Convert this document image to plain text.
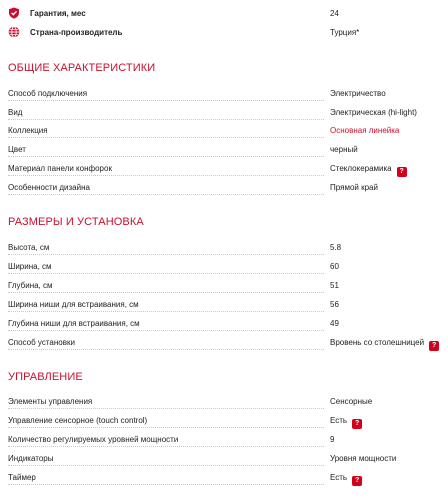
Гарантия, мес	24
Страна-производитель	Турция*
ОБЩИЕ ХАРАКТЕРИСТИКИ
Способ подключения	Электричество
Вид	Электрическая (hi-light)
Коллекция	Основная линейка
Цвет	черный
Материал панели конфорок	Стеклокерамика ?
Особенности дизайна	Прямой край
РАЗМЕРЫ И УСТАНОВКА
Высота, см	5.8
Ширина, см	60
Глубина, см	51
Ширина ниши для встраивания, см	56
Глубина ниши для встраивания, см	49
Способ установки	Вровень со столешницей ?
УПРАВЛЕНИЕ
Элементы управления	Сенсорные
Управление сенсорное (touch control)	Есть ?
Количество регулируемых уровней мощности	9
Индикаторы	Уровня мощности
Таймер	Есть ?
